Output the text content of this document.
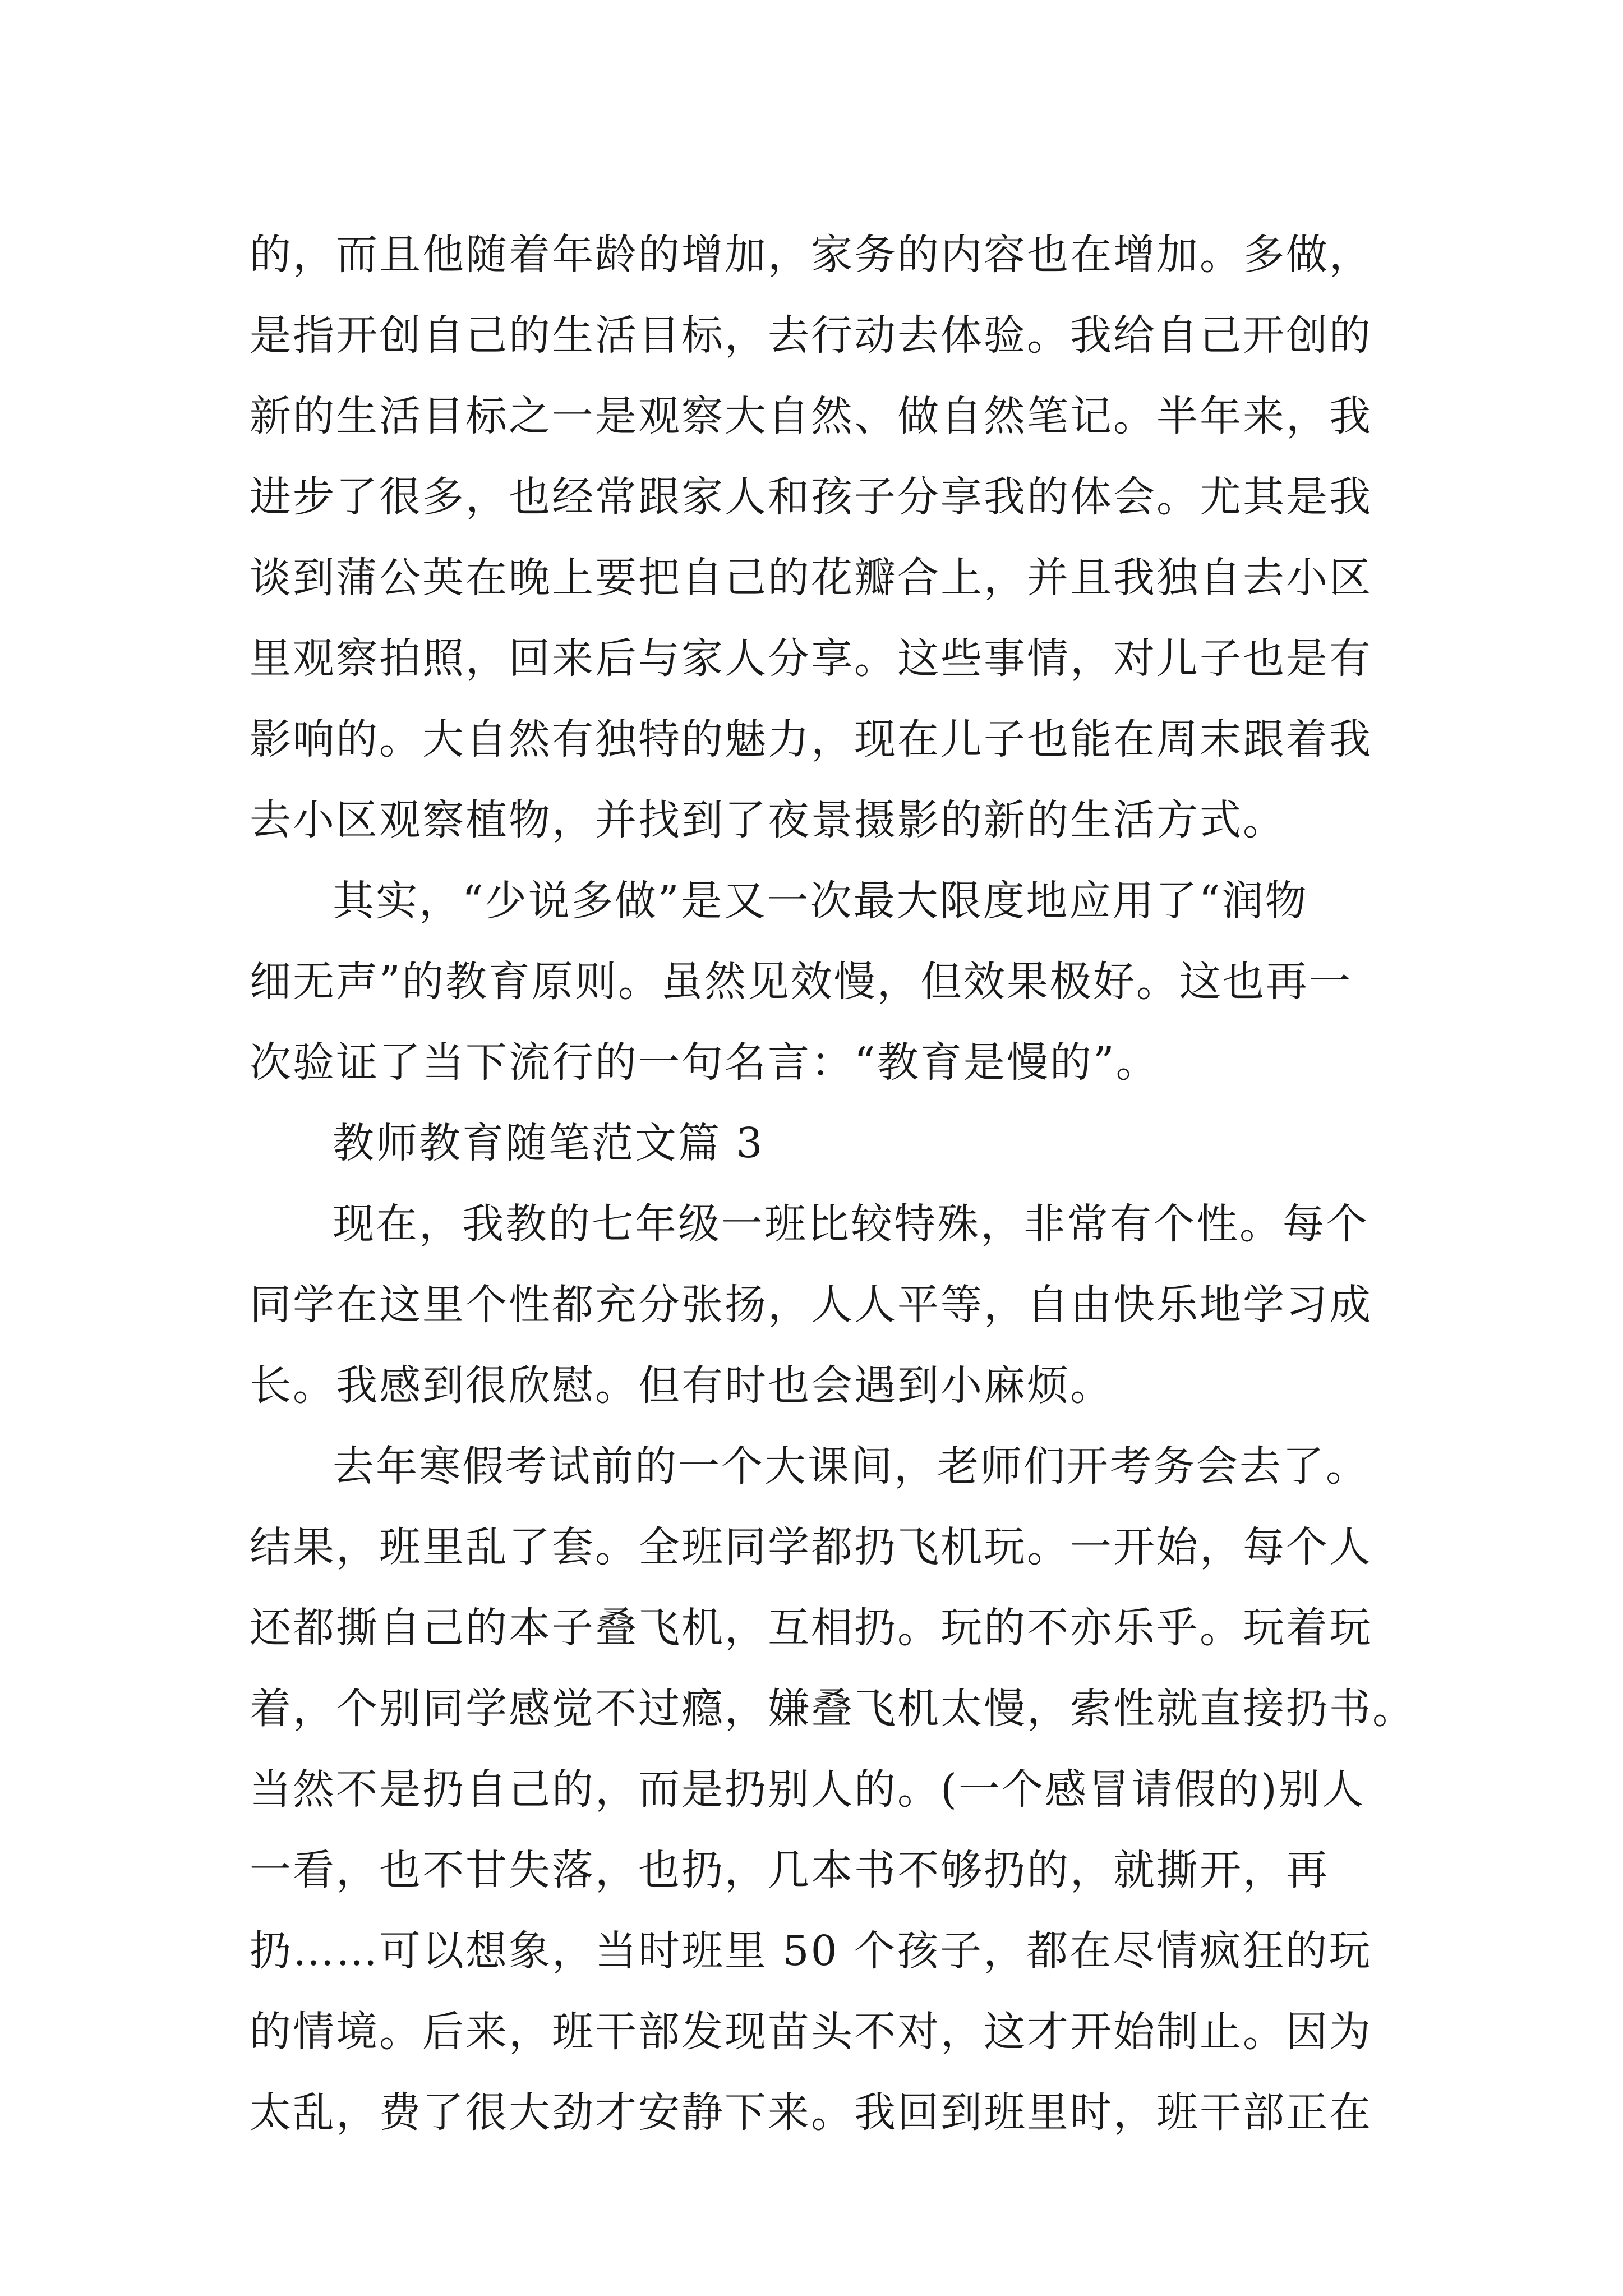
的，而且他随着年龄的增加，家务的内容也在增加。多做，
是指开创自己的生活目标，去行动去体验。我给自己开创的
新的生活目标之一是观察大自然、做自然笔记。半年来，我
进步了很多，也经常跟家人和孩子分享我的体会。尤其是我
谈到蒲公英在晚上要把自己的花瓣合上，并且我独自去小区
里观察拍照，回来后与家人分享。这些事情，对儿子也是有
影响的。大自然有独特的魅力，现在儿子也能在周末跟着我
去小区观察植物，并找到了夜景摄影的新的生活方式。
其实，“少说多做”是又一次最大限度地应用了“润物
细无声”的教育原则。虽然见效慢，但效果极好。这也再一
次验证了当下流行的一句名言：“教育是慢的”。
教师教育随笔范文篇 3
现在，我教的七年级一班比较特殊，非常有个性。每个
同学在这里个性都充分张扬，人人平等，自由快乐地学习成
长。我感到很欣慰。但有时也会遇到小麻烦。
去年寒假考试前的一个大课间，老师们开考务会去了。
结果，班里乱了套。全班同学都扔飞机玩。一开始，每个人
还都撕自己的本子叠飞机，互相扔。玩的不亦乐乎。玩着玩
着，个别同学感觉不过瘾，嫌叠飞机太慢，索性就直接扔书。
当然不是扔自己的，而是扔别人的。(一个感冒请假的)别人
一看，也不甘失落，也扔，几本书不够扔的，就撕开，再
扔……可以想象，当时班里 50 个孩子，都在尽情疯狂的玩
的情境。后来，班干部发现苗头不对，这才开始制止。因为
太乱，费了很大劲才安静下来。我回到班里时，班干部正在
